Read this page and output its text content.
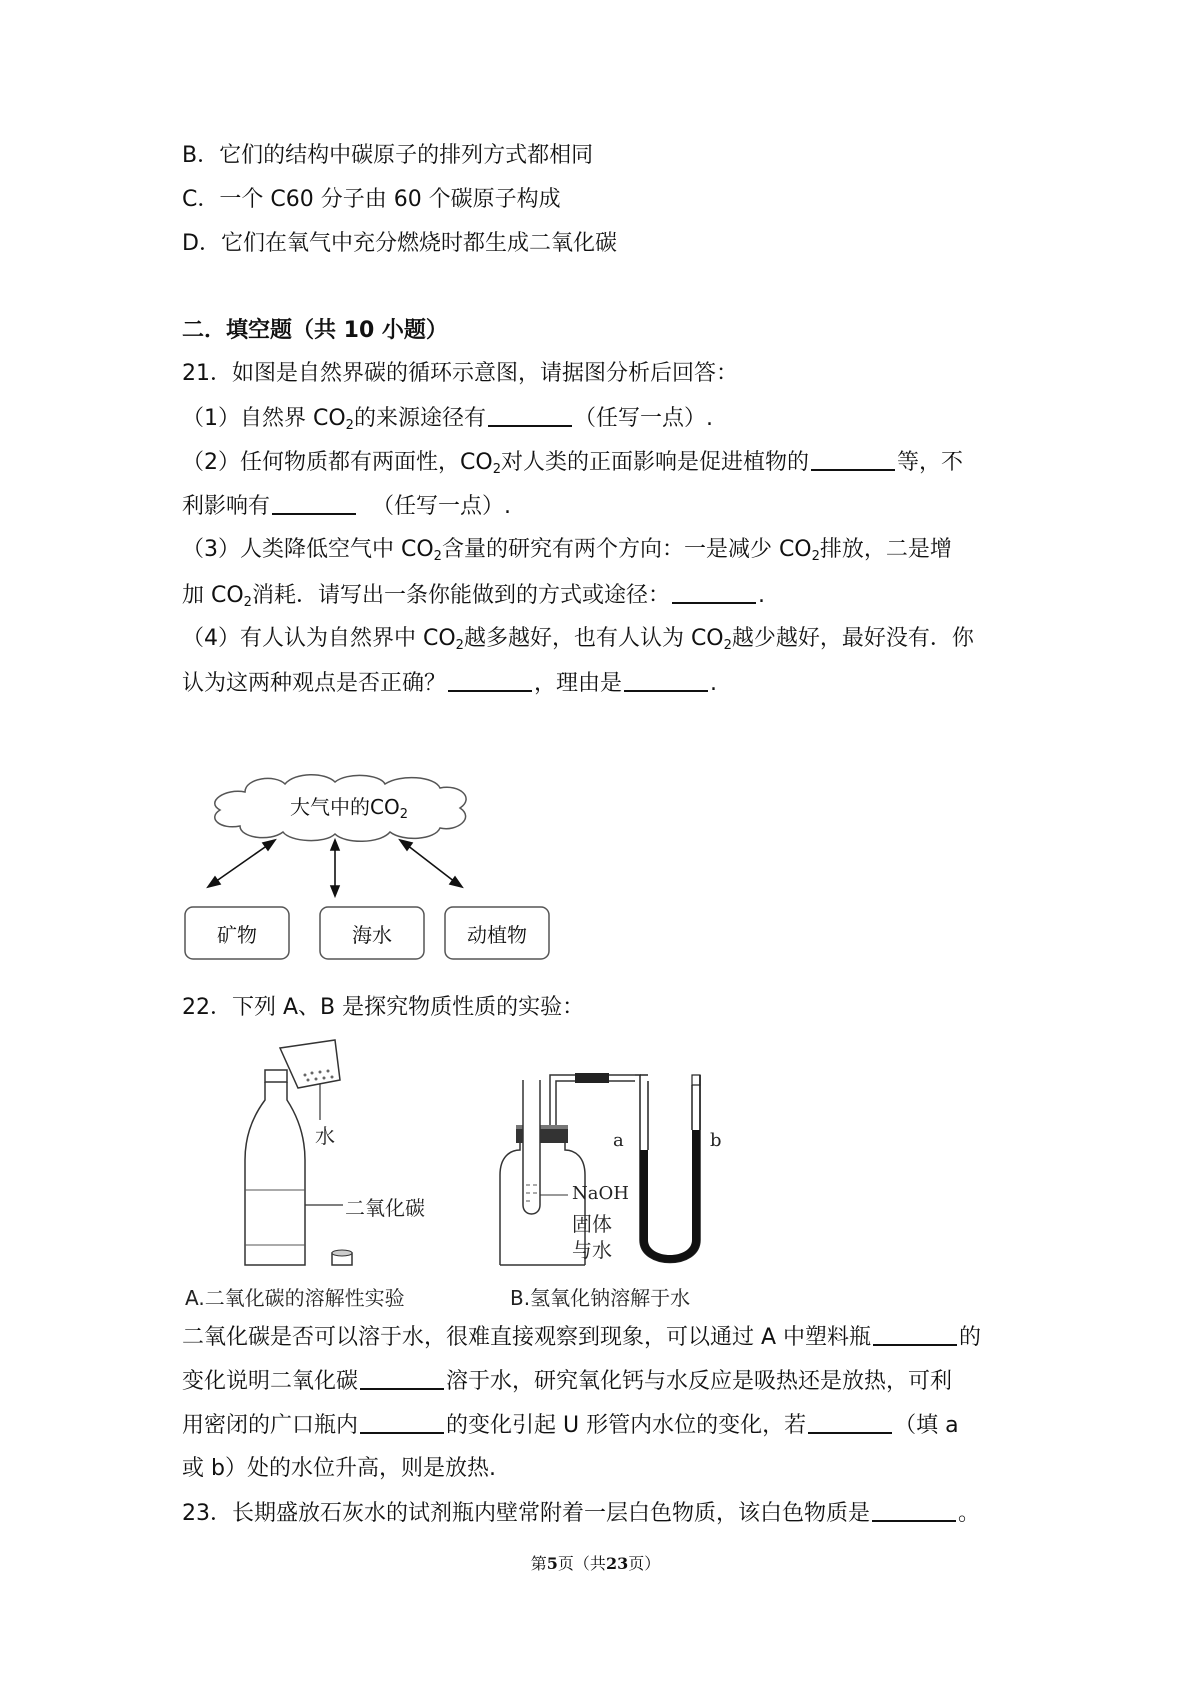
B．它们的结构中碳原子的排列方式都相同
C．一个 C60 分子由 60 个碳原子构成
D．它们在氧气中充分燃烧时都生成二氧化碳
二．填空题（共 10 小题）
21．如图是自然界碳的循环示意图，请据图分析后回答：
（1）自然界 $CO_2$的来源途径有	（任写一点）.
（2）任何物质都有两面性，$CO_2$对人类的正面影响是促进植物的	等，不
利影响有	（任写一点）.
（3）人类降低空气中 $CO_2$含量的研究有两个方向：一是减少 $CO_2$排放，二是增
加 $CO_2$消耗．请写出一条你能做到的方式或途径：	.
（4）有人认为自然界中 $CO_2$越多越好，也有人认为 $CO_2$越少越好，最好没有．你
认为这两种观点是否正确？	，理由是	.
大气中的$CO_2$
矿物	海水	动植物
22．下列 A、B 是探究物质性质的实验：
水
二氧化碳
a	b
NaOH
固体
与水
A.二氧化碳的溶解性实验	B.氢氧化钠溶解于水
二氧化碳是否可以溶于水，很难直接观察到现象，可以通过 A 中塑料瓶	的
变化说明二氧化碳	溶于水，研究氧化钙与水反应是吸热还是放热，可利
用密闭的广口瓶内	的变化引起 U 形管内水位的变化，若	（填 a
或 b）处的水位升高，则是放热.
23．长期盛放石灰水的试剂瓶内壁常附着一层白色物质，该白色物质是	。
第5页（共23页）
